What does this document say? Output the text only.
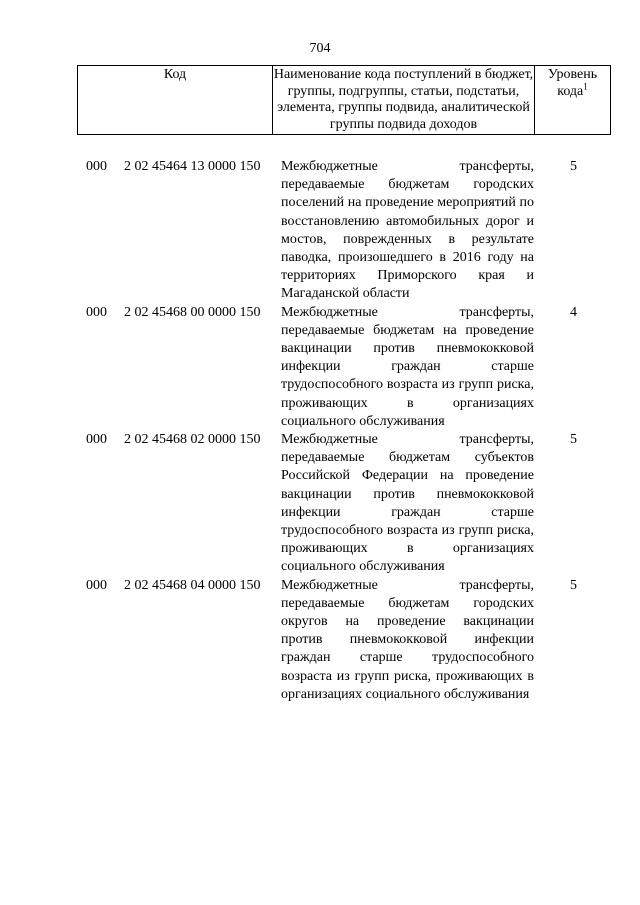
704
Код	Наименование кода поступлений в бюджет, группы, подгруппы, статьи, подстатьи, элемента, группы подвида, аналитической группы подвида доходов
Уровень кода$^1$
000 2 02 45464 13 0000 150 Межбюджетные трансферты, передаваемые бюджетам городских поселений на проведение мероприятий по восстановлению автомобильных дорог и мостов, поврежденных в результате паводка, произошедшего в 2016 году на территориях Приморского края и Магаданской области
5
000 2 02 45468 00 0000 150 Межбюджетные трансферты, передаваемые бюджетам на проведение вакцинации против пневмококковой инфекции граждан старше трудоспособного возраста из групп риска, проживающих в организациях социального обслуживания
4
000 2 02 45468 02 0000 150 Межбюджетные трансферты, передаваемые бюджетам субъектов Российской Федерации на проведение вакцинации против пневмококковой инфекции граждан старше трудоспособного возраста из групп риска, проживающих в организациях социального обслуживания
5
000 2 02 45468 04 0000 150 Межбюджетные трансферты, передаваемые бюджетам городских округов на проведение вакцинации против пневмококковой инфекции граждан старше трудоспособного возраста из групп риска, проживающих в организациях социального обслуживания
5
